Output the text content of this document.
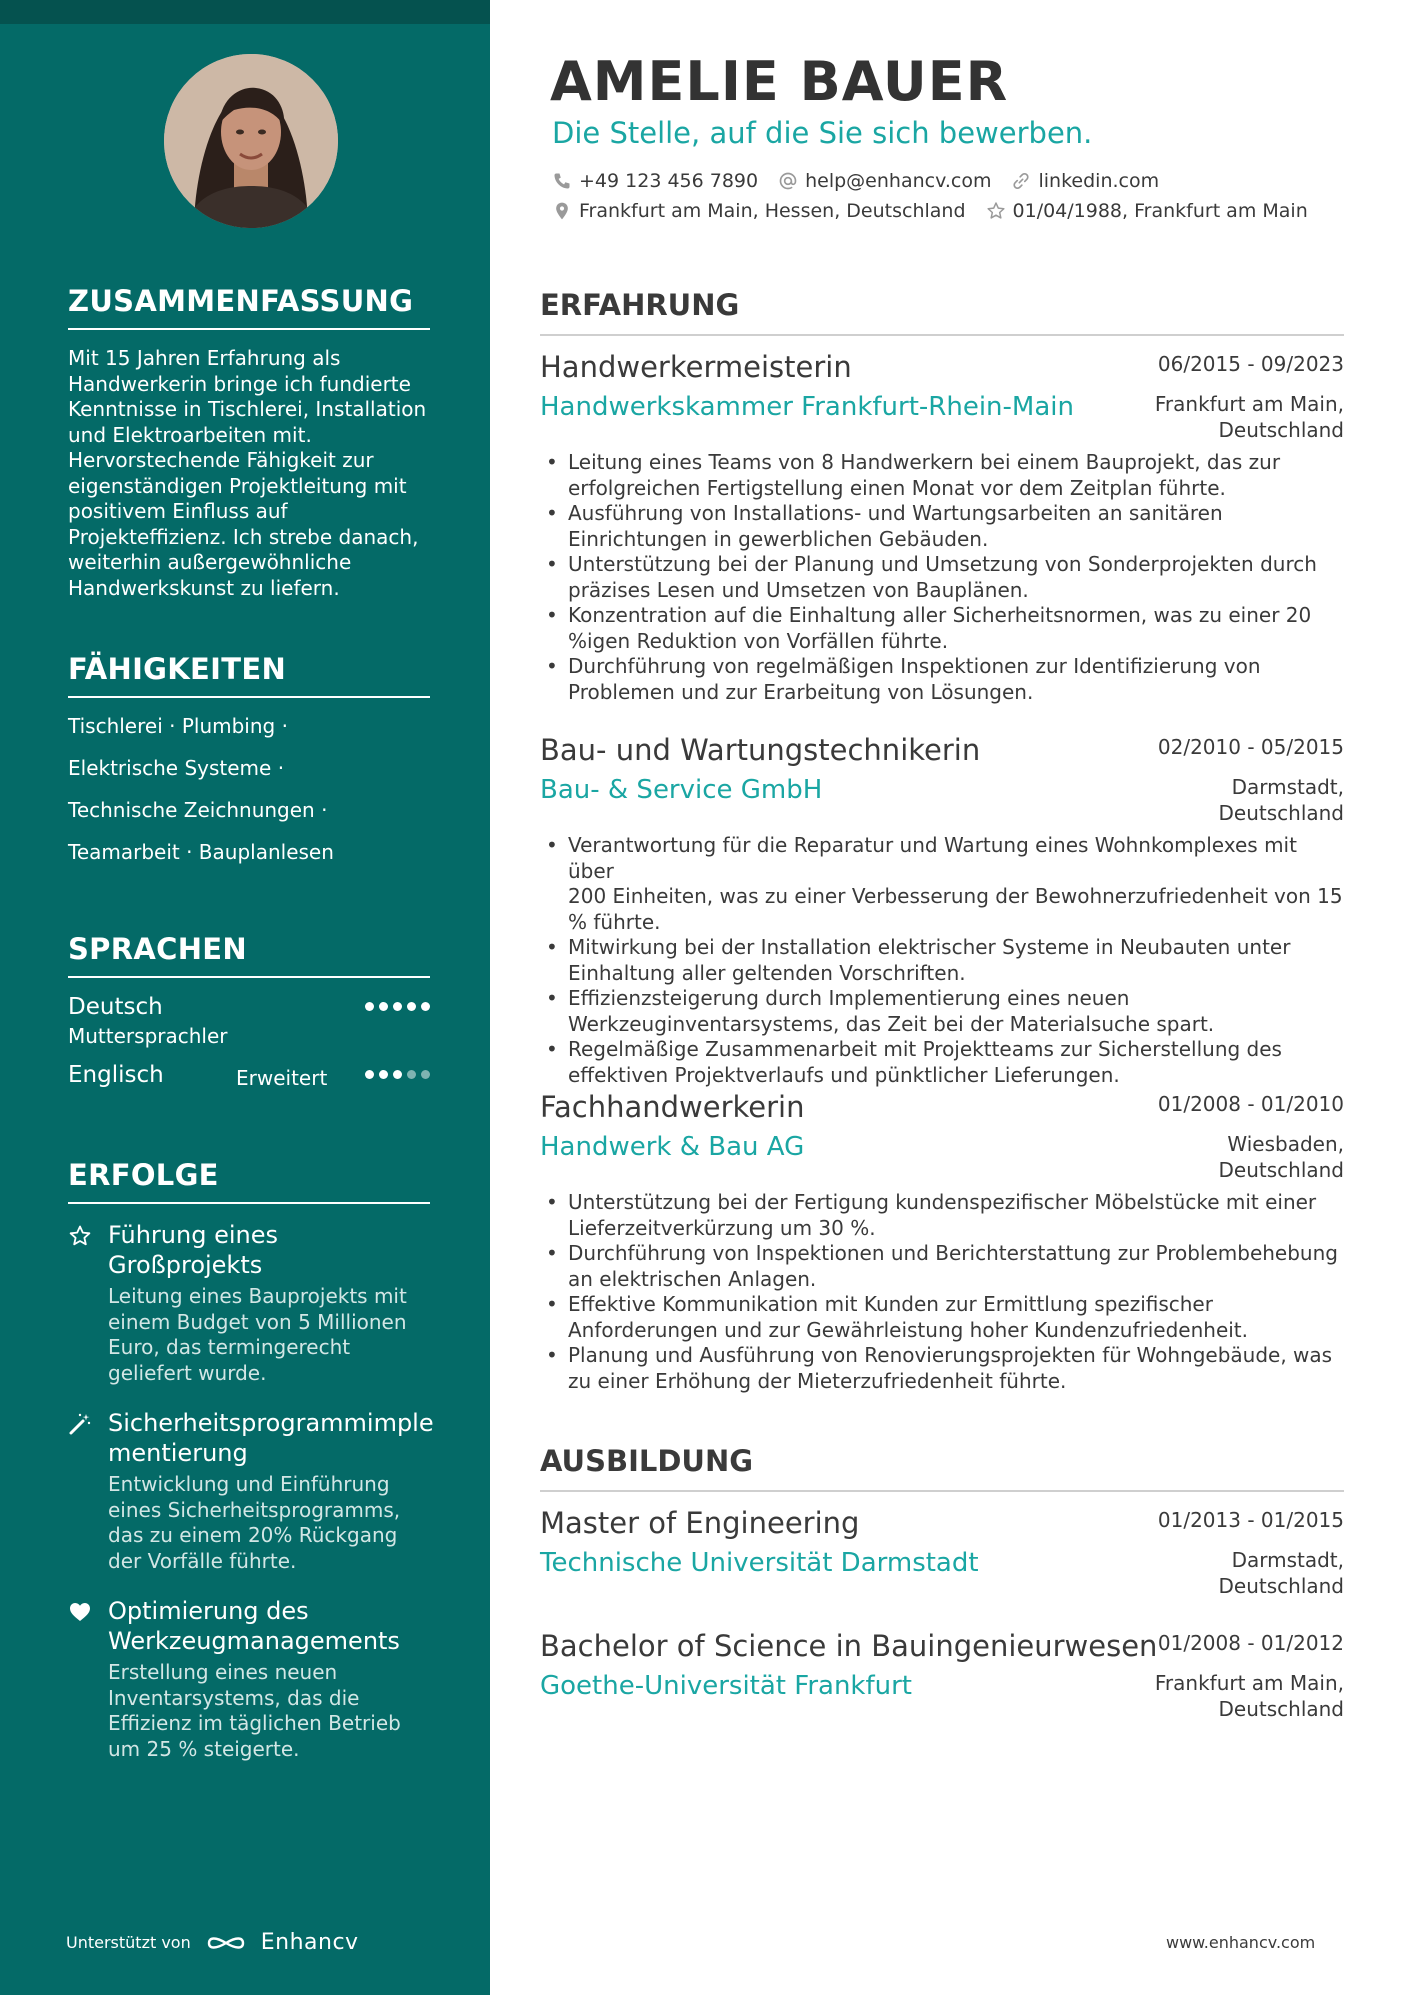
ZUSAMMENFASSUNG
Mit 15 Jahren Erfahrung als
Handwerkerin bringe ich fundierte
Kenntnisse in Tischlerei, Installation
und Elektroarbeiten mit.
Hervorstechende Fähigkeit zur
eigenständigen Projektleitung mit
positivem Einfluss auf
Projekteffizienz. Ich strebe danach,
weiterhin außergewöhnliche
Handwerkskunst zu liefern.
FÄHIGKEITEN
Tischlerei · Plumbing ·
Elektrische Systeme ·
Technische Zeichnungen ·
Teamarbeit · Bauplanlesen
SPRACHEN
Deutsch
Muttersprachler
Englisch	Erweitert
ERFOLGE
Führung eines
Großprojekts
Leitung eines Bauprojekts mit
einem Budget von 5 Millionen
Euro, das termingerecht
geliefert wurde.
Sicherheitsprogrammimple
mentierung
Entwicklung und Einführung
eines Sicherheitsprogramms,
das zu einem 20% Rückgang
der Vorfälle führte.
Optimierung des
Werkzeugmanagements
Erstellung eines neuen
Inventarsystems, das die
Effizienz im täglichen Betrieb
um 25 % steigerte.
Unterstützt von	Enhancv
AMELIE BAUER
Die Stelle, auf die Sie sich bewerben.
+49 123 456 7890 help@enhancv.com linkedin.com
Frankfurt am Main, Hessen, Deutschland 01/04/1988, Frankfurt am Main
ERFAHRUNG
Handwerkermeisterin	06/2015 - 09/2023
Handwerkskammer Frankfurt-Rhein-Main	Frankfurt am Main,
Deutschland
• Leitung eines Teams von 8 Handwerkern bei einem Bauprojekt, das zur
erfolgreichen Fertigstellung einen Monat vor dem Zeitplan führte.
• Ausführung von Installations- und Wartungsarbeiten an sanitären
Einrichtungen in gewerblichen Gebäuden.
• Unterstützung bei der Planung und Umsetzung von Sonderprojekten durch
präzises Lesen und Umsetzen von Bauplänen.
• Konzentration auf die Einhaltung aller Sicherheitsnormen, was zu einer 20
%igen Reduktion von Vorfällen führte.
• Durchführung von regelmäßigen Inspektionen zur Identifizierung von
Problemen und zur Erarbeitung von Lösungen.
Bau- und Wartungstechnikerin	02/2010 - 05/2015
Bau- & Service GmbH	Darmstadt,
Deutschland
• Verantwortung für die Reparatur und Wartung eines Wohnkomplexes mit über
200 Einheiten, was zu einer Verbesserung der Bewohnerzufriedenheit von 15
% führte.
• Mitwirkung bei der Installation elektrischer Systeme in Neubauten unter
Einhaltung aller geltenden Vorschriften.
• Effizienzsteigerung durch Implementierung eines neuen
Werkzeuginventarsystems, das Zeit bei der Materialsuche spart.
• Regelmäßige Zusammenarbeit mit Projektteams zur Sicherstellung des
effektiven Projektverlaufs und pünktlicher Lieferungen.
Fachhandwerkerin	01/2008 - 01/2010
Handwerk & Bau AG	Wiesbaden,
Deutschland
• Unterstützung bei der Fertigung kundenspezifischer Möbelstücke mit einer
Lieferzeitverkürzung um 30 %.
• Durchführung von Inspektionen und Berichterstattung zur Problembehebung
an elektrischen Anlagen.
• Effektive Kommunikation mit Kunden zur Ermittlung spezifischer
Anforderungen und zur Gewährleistung hoher Kundenzufriedenheit.
• Planung und Ausführung von Renovierungsprojekten für Wohngebäude, was
zu einer Erhöhung der Mieterzufriedenheit führte.
AUSBILDUNG
Master of Engineering	01/2013 - 01/2015
Technische Universität Darmstadt	Darmstadt,
Deutschland
Bachelor of Science in Bauingenieurwesen 01/2008 - 01/2012
Goethe-Universität Frankfurt	Frankfurt am Main,
Deutschland
www.enhancv.com
